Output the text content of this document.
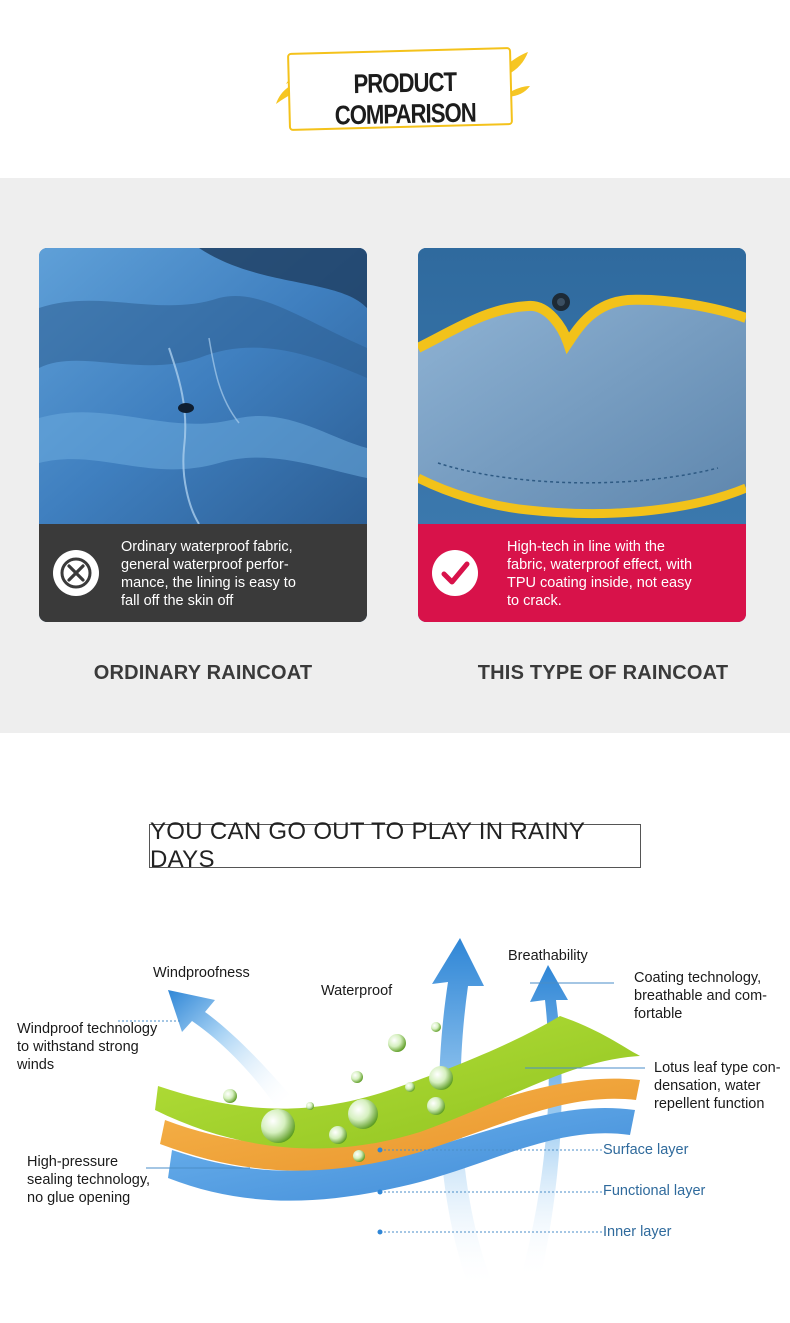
PRODUCT COMPARISON
Ordinary waterproof fabric,
general waterproof perfor-
mance, the lining is easy to
fall off the skin off
High-tech in line with the
fabric, waterproof effect, with
TPU coating inside, not easy
to crack.
ORDINARY RAINCOAT	THIS TYPE OF RAINCOAT
YOU CAN GO OUT TO PLAY IN RAINY DAYS
Windproofness
Waterproof
Breathability
Windproof technology
to withstand strong
winds
High-pressure
sealing technology,
no glue opening
Coating technology,
breathable and com-
fortable
Lotus leaf type con-
densation, water
repellent function
Surface layer
Functional layer
Inner layer
